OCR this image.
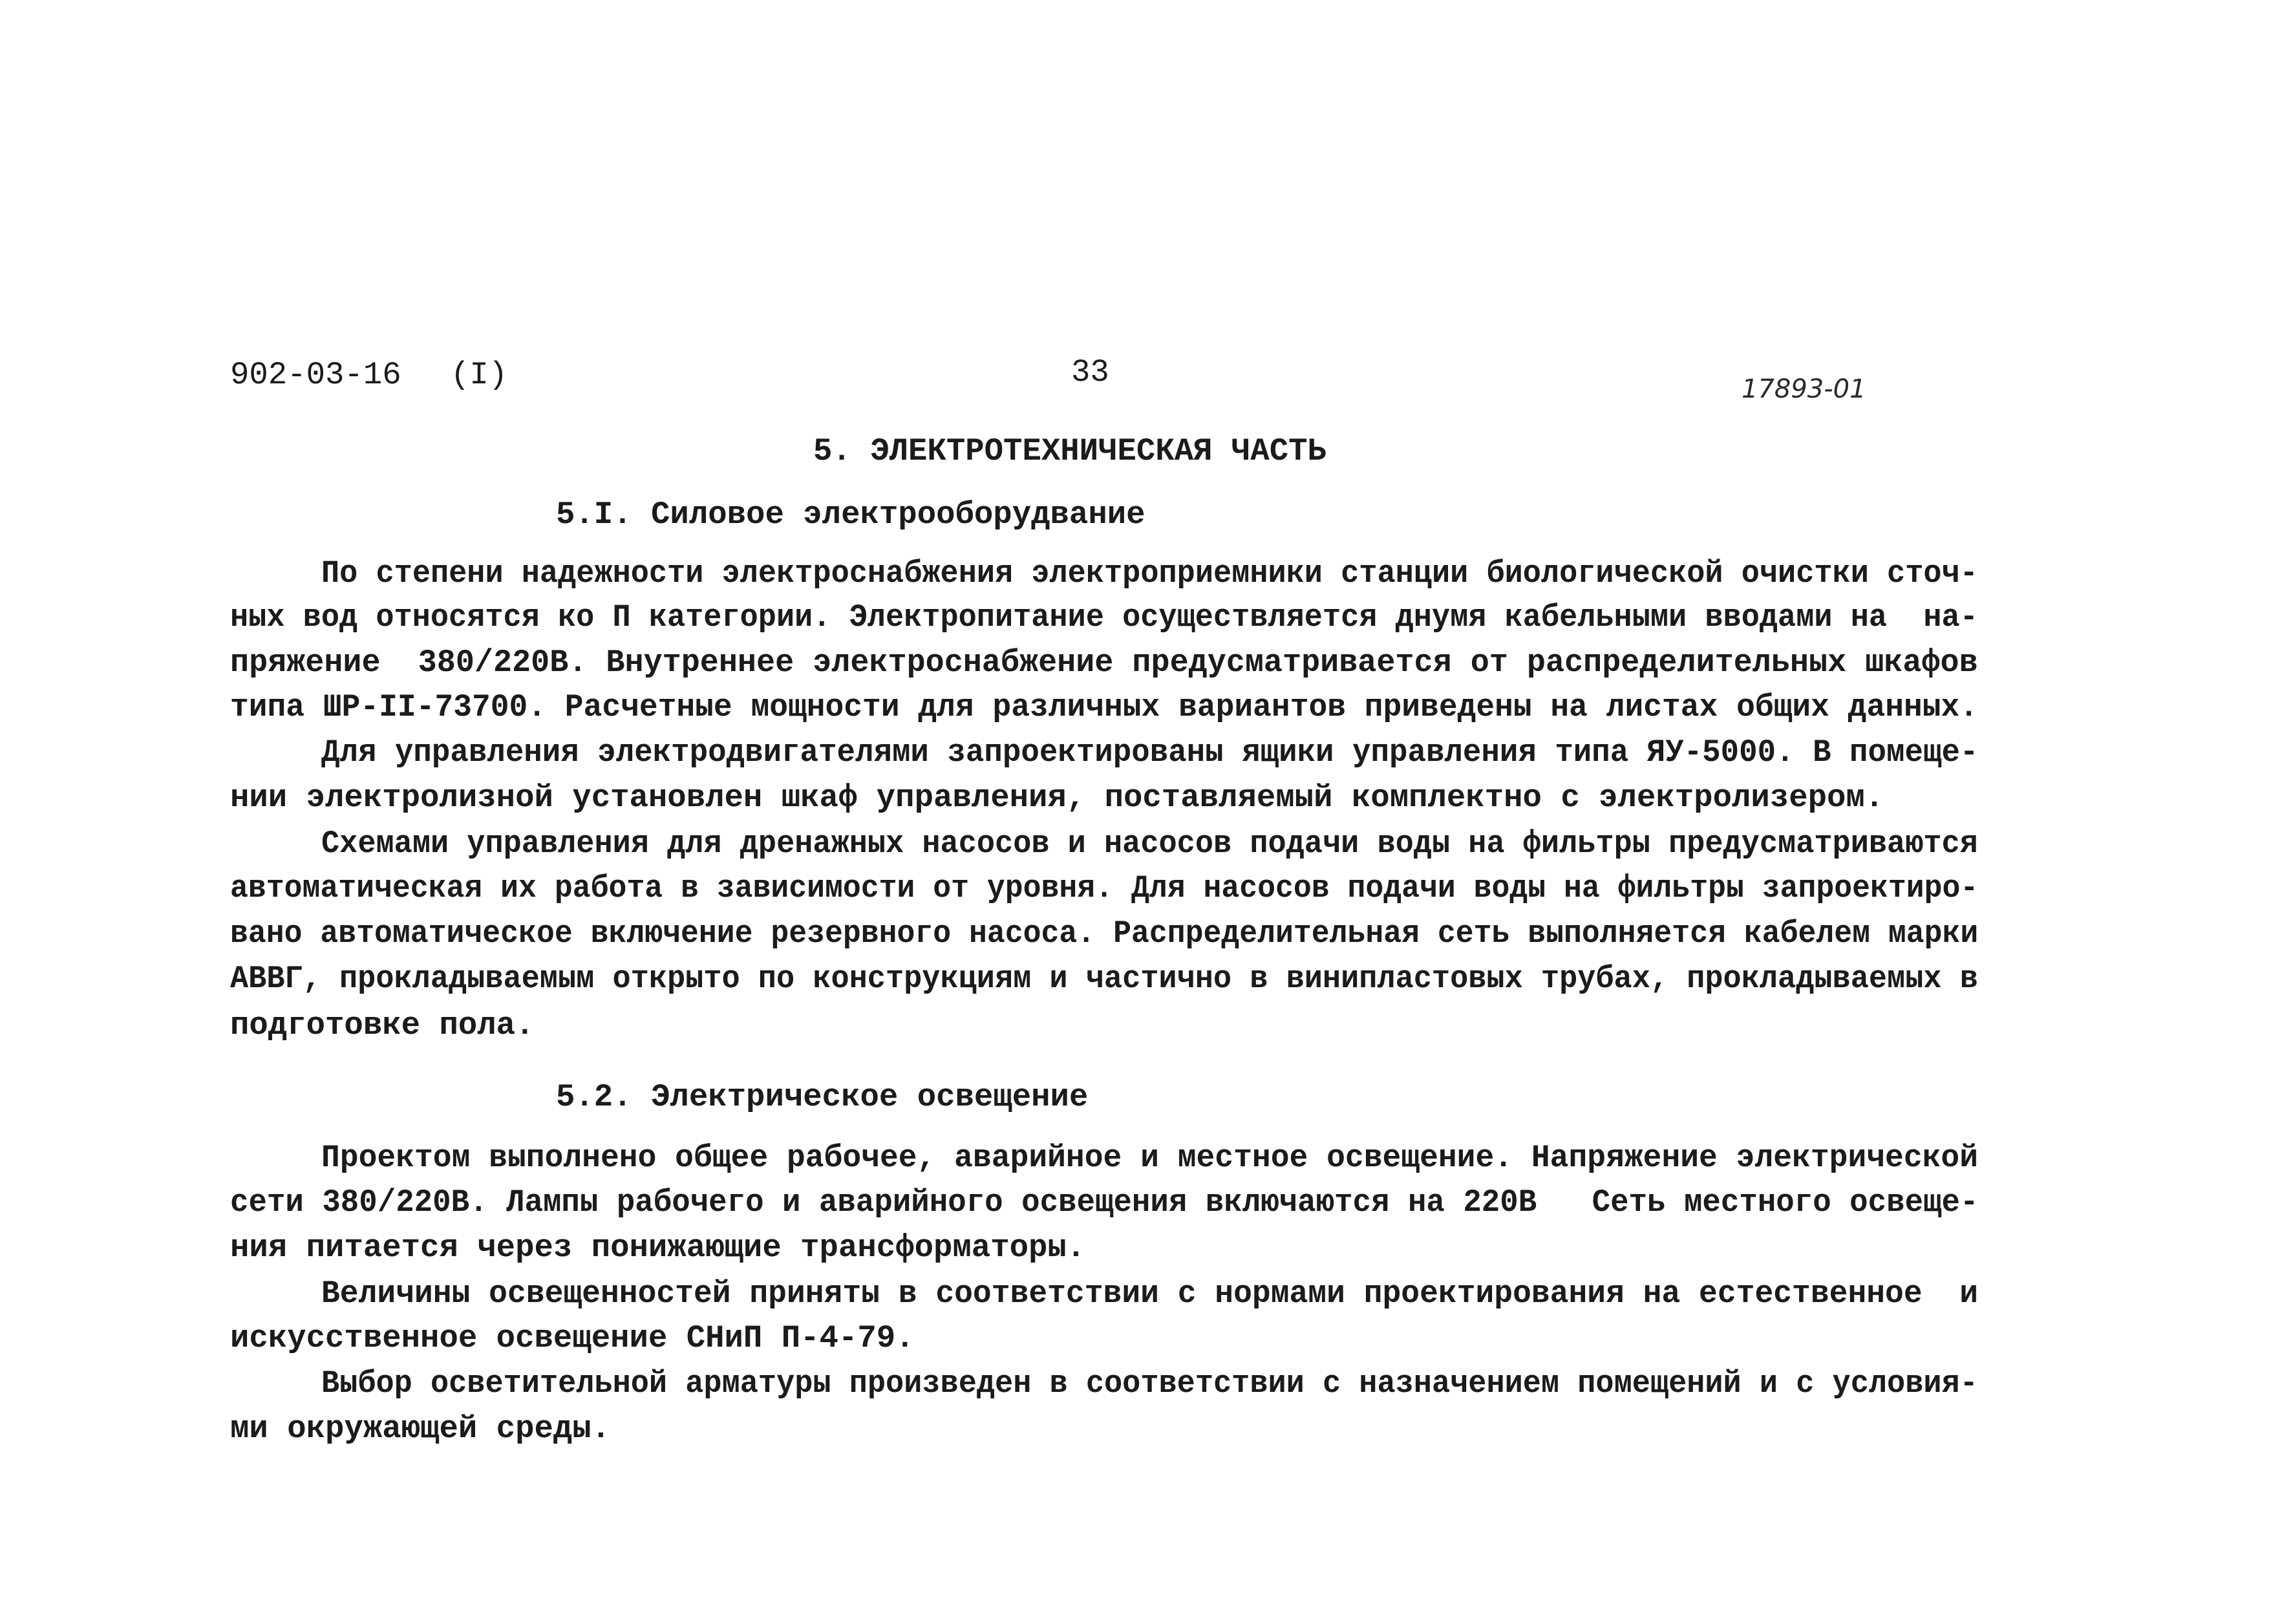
902-03-16 (I)	33	17893-01
5. ЭЛЕКТРОТЕХНИЧЕСКАЯ ЧАСТЬ
5.I. Силовое электрооборудвание
По степени надежности электроснабжения электроприемники станции биологической очистки сточ-
ных вод относятся ко П категории. Электропитание осуществляется днумя кабельными вводами на  на-
пряжение  380/220В. Внутреннее электроснабжение предусматривается от распределительных шкафов
типа ШР-II-73700. Расчетные мощности для различных вариантов приведены на листах общих данных.
Для управления электродвигателями запроектированы ящики управления типа ЯУ-5000. В помеще-
нии электролизной установлен шкаф управления, поставляемый комплектно с электролизером.
Схемами управления для дренажных насосов и насосов подачи воды на фильтры предусматриваются
автоматическая их работа в зависимости от уровня. Для насосов подачи воды на фильтры запроектиро-
вано автоматическое включение резервного насоса. Распределительная сеть выполняется кабелем марки
АВВГ, прокладываемым открыто по конструкциям и частично в винипластовых трубах, прокладываемых в
подготовке пола.
5.2. Электрическое освещение
Проектом выполнено общее рабочее, аварийное и местное освещение. Напряжение электрической
сети 380/220В. Лампы рабочего и аварийного освещения включаются на 220В   Сеть местного освеще-
ния питается через понижающие трансформаторы.
Величины освещенностей приняты в соответствии с нормами проектирования на естественное  и
искусственное освещение СНиП П-4-79.
Выбор осветительной арматуры произведен в соответствии с назначением помещений и с условия-
ми окружающей среды.
